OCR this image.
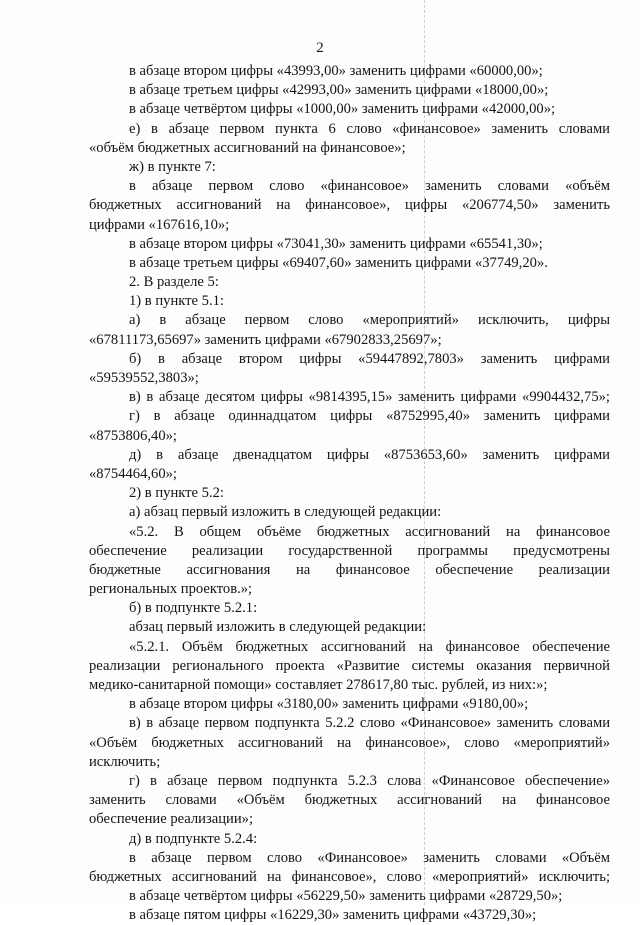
2
в абзаце втором цифры «43993,00» заменить цифрами «60000,00»;
в абзаце третьем цифры «42993,00» заменить цифрами «18000,00»;
в абзаце четвёртом цифры «1000,00» заменить цифрами «42000,00»;
е) в абзаце первом пункта 6 слово «финансовое» заменить словами
«объём бюджетных ассигнований на финансовое»;
ж) в пункте 7:
в абзаце первом слово «финансовое» заменить словами «объём
бюджетных ассигнований на финансовое», цифры «206774,50» заменить
цифрами «167616,10»;
в абзаце втором цифры «73041,30» заменить цифрами «65541,30»;
в абзаце третьем цифры «69407,60» заменить цифрами «37749,20».
2. В разделе 5:
1) в пункте 5.1:
а) в абзаце первом слово «мероприятий» исключить, цифры
«67811173,65697» заменить цифрами «67902833,25697»;
б) в абзаце втором цифры «59447892,7803» заменить цифрами
«59539552,3803»;
в) в абзаце десятом цифры «9814395,15» заменить цифрами «9904432,75»;
г) в абзаце одиннадцатом цифры «8752995,40» заменить цифрами
«8753806,40»;
д) в абзаце двенадцатом цифры «8753653,60» заменить цифрами
«8754464,60»;
2) в пункте 5.2:
а) абзац первый изложить в следующей редакции:
«5.2. В общем объёме бюджетных ассигнований на финансовое
обеспечение реализации государственной программы предусмотрены
бюджетные ассигнования на финансовое обеспечение реализации
региональных проектов.»;
б) в подпункте 5.2.1:
абзац первый изложить в следующей редакции:
«5.2.1. Объём бюджетных ассигнований на финансовое обеспечение
реализации регионального проекта «Развитие системы оказания первичной
медико-санитарной помощи» составляет 278617,80 тыс. рублей, из них:»;
в абзаце втором цифры «3180,00» заменить цифрами «9180,00»;
в) в абзаце первом подпункта 5.2.2 слово «Финансовое» заменить словами
«Объём бюджетных ассигнований на финансовое», слово «мероприятий»
исключить;
г) в абзаце первом подпункта 5.2.3 слова «Финансовое обеспечение»
заменить словами «Объём бюджетных ассигнований на финансовое
обеспечение реализации»;
д) в подпункте 5.2.4:
в абзаце первом слово «Финансовое» заменить словами «Объём
бюджетных ассигнований на финансовое», слово «мероприятий» исключить;
в абзаце четвёртом цифры «56229,50» заменить цифрами «28729,50»;
в абзаце пятом цифры «16229,30» заменить цифрами «43729,30»;
